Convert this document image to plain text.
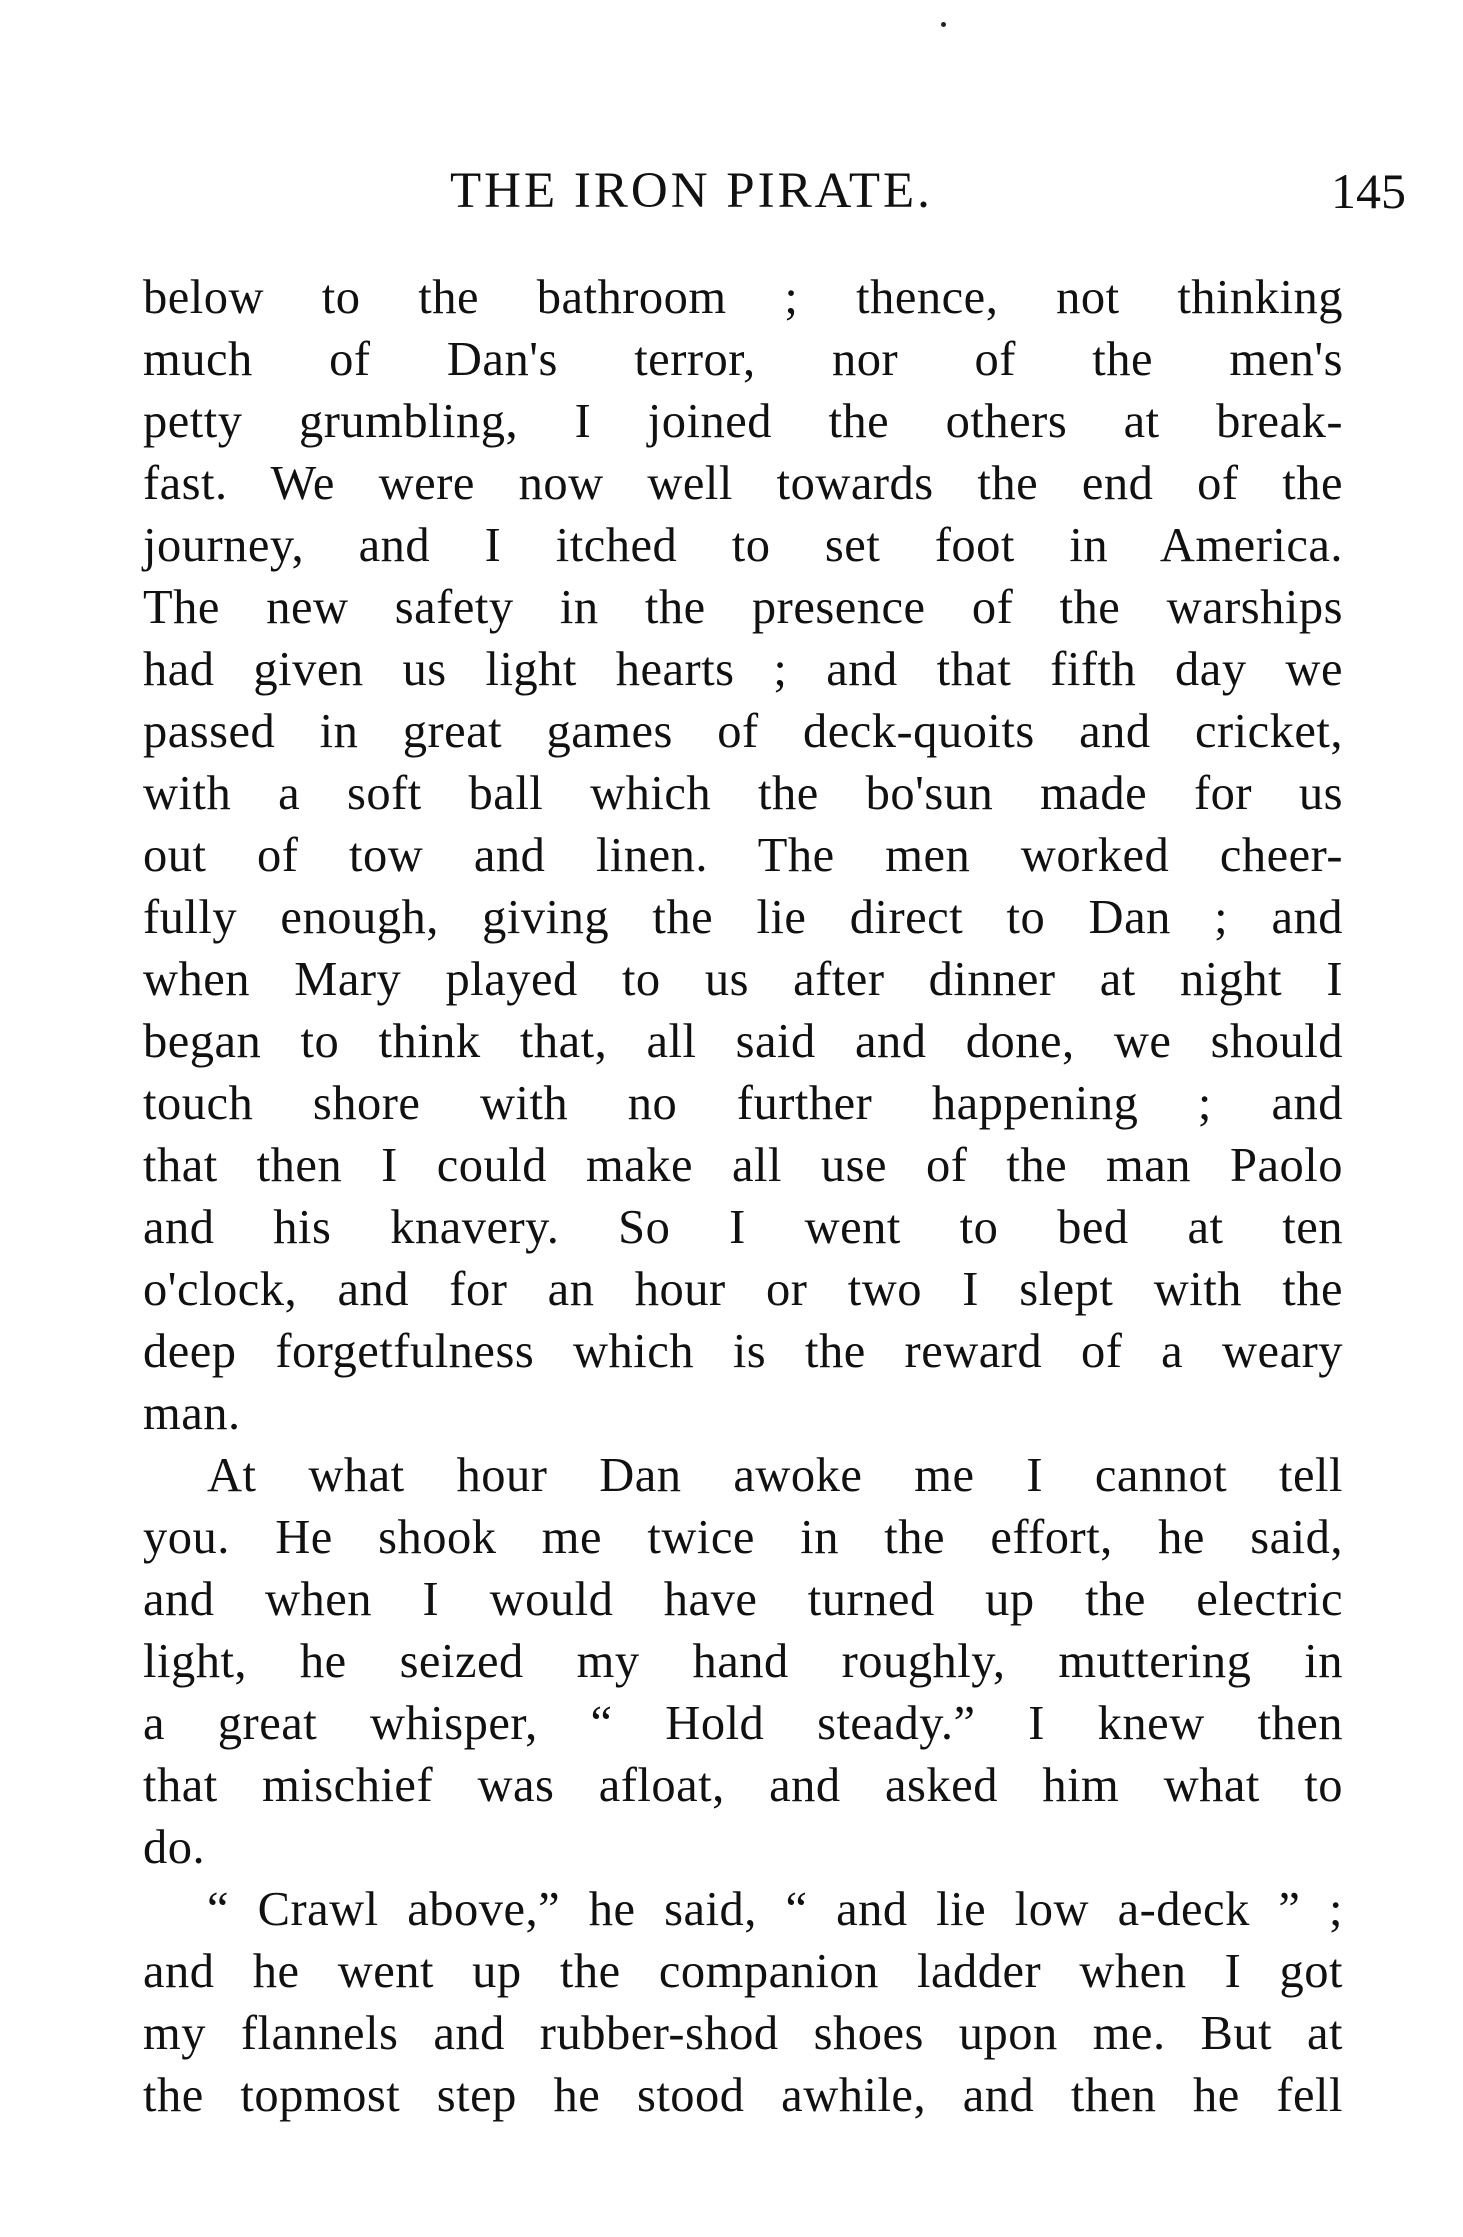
THE IRON PIRATE.	145
below to the bathroom ; thence, not thinking
much of Dan's terror, nor of the men's
petty grumbling, I joined the others at break-
fast. We were now well towards the end of the
journey, and I itched to set foot in America.
The new safety in the presence of the warships
had given us light hearts ; and that fifth day we
passed in great games of deck-quoits and cricket,
with a soft ball which the bo'sun made for us
out of tow and linen. The men worked cheer-
fully enough, giving the lie direct to Dan ; and
when Mary played to us after dinner at night I
began to think that, all said and done, we should
touch shore with no further happening ; and
that then I could make all use of the man Paolo
and his knavery. So I went to bed at ten
o'clock, and for an hour or two I slept with the
deep forgetfulness which is the reward of a weary
man.
At what hour Dan awoke me I cannot tell
you. He shook me twice in the effort, he said,
and when I would have turned up the electric
light, he seized my hand roughly, muttering in
a great whisper, “ Hold steady.” I knew then
that mischief was afloat, and asked him what to
do.
“ Crawl above,” he said, “ and lie low a-deck ” ;
and he went up the companion ladder when I got
my flannels and rubber-shod shoes upon me. But at
the topmost step he stood awhile, and then he fell
